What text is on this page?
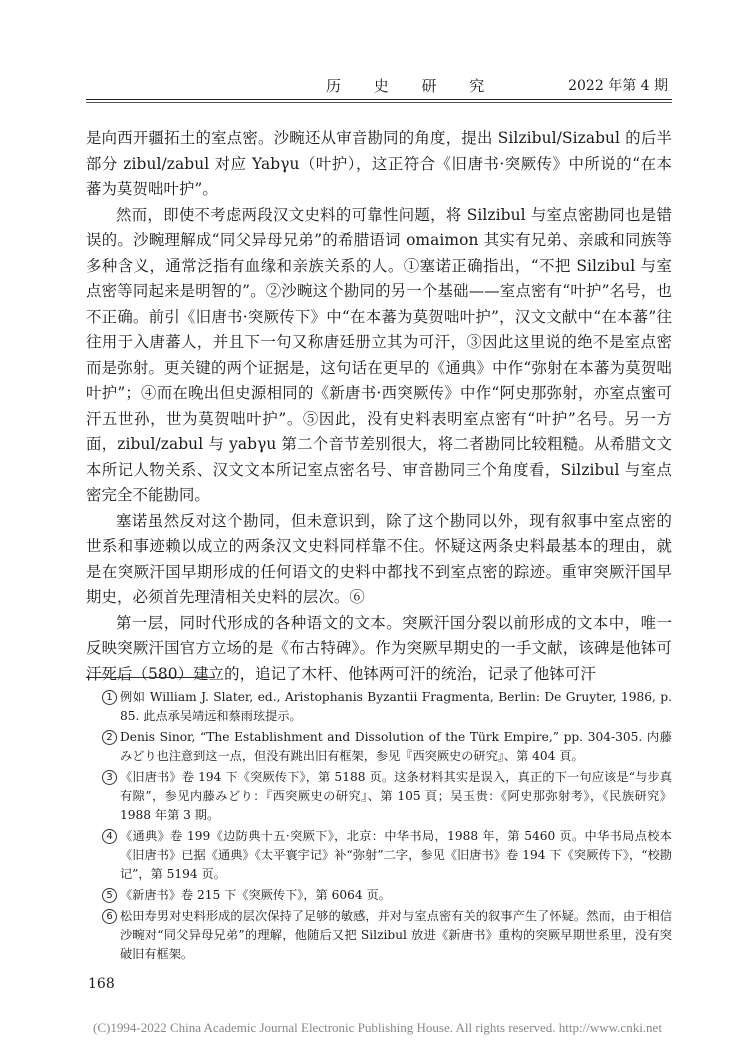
历 史 研 究	2022 年第 4 期

是向西开疆拓土的室点密。沙畹还从审音勘同的角度，提出 Silzibul/Sizabul 的后半部分 zibul/zabul 对应 Yabγu（叶护），这正符合《旧唐书·突厥传》中所说的“在本蕃为莫贺咄叶护”。

然而，即使不考虑两段汉文史料的可靠性问题，将 Silzibul 与室点密勘同也是错误的。沙畹理解成“同父异母兄弟”的希腊语词 omaimon 其实有兄弟、亲戚和同族等多种含义，通常泛指有血缘和亲族关系的人。①塞诺正确指出，“不把 Silzibul 与室点密等同起来是明智的”。②沙畹这个勘同的另一个基础——室点密有“叶护”名号，也不正确。前引《旧唐书·突厥传下》中“在本蕃为莫贺咄叶护”，汉文文献中“在本蕃”往往用于入唐蕃人，并且下一句又称唐廷册立其为可汗，③因此这里说的绝不是室点密而是弥射。更关键的两个证据是，这句话在更早的《通典》中作“弥射在本蕃为莫贺咄叶护”；④而在晚出但史源相同的《新唐书·西突厥传》中作“阿史那弥射，亦室点蜜可汗五世孙，世为莫贺咄叶护”。⑤因此，没有史料表明室点密有“叶护”名号。另一方面，zibul/zabul 与 yabγu 第二个音节差别很大，将二者勘同比较粗糙。从希腊文文本所记人物关系、汉文文本所记室点密名号、审音勘同三个角度看，Silzibul 与室点密完全不能勘同。

塞诺虽然反对这个勘同，但未意识到，除了这个勘同以外，现有叙事中室点密的世系和事迹赖以成立的两条汉文史料同样靠不住。怀疑这两条史料最基本的理由，就是在突厥汗国早期形成的任何语文的史料中都找不到室点密的踪迹。重审突厥汗国早期史，必须首先理清相关史料的层次。⑥

第一层，同时代形成的各种语文的文本。突厥汗国分裂以前形成的文本中，唯一反映突厥汗国官方立场的是《布古特碑》。作为突厥早期史的一手文献，该碑是他钵可汗死后（580）建立的，追记了木杆、他钵两可汗的统治，记录了他钵可汗

1 例如 William J. Slater, ed., Aristophanis Byzantii Fragmenta, Berlin: De Gruyter, 1986, p. 85. 此点承吴靖远和蔡雨玹提示。
2 Denis Sinor, “The Establishment and Dissolution of the Türk Empire,” pp. 304-305. 内藤みどり也注意到这一点，但没有跳出旧有框架，参见『西突厥史の研究』、第 404 頁。
3 《旧唐书》卷 194 下《突厥传下》，第 5188 页。这条材料其实是误入，真正的下一句应该是“与步真有隙”，参见内藤みどり：『西突厥史の研究』、第 105 頁；吴玉贵：《阿史那弥射考》，《民族研究》1988 年第 3 期。
4 《通典》卷 199《边防典十五·突厥下》，北京：中华书局，1988 年，第 5460 页。中华书局点校本《旧唐书》已据《通典》《太平寰宇记》补“弥射”二字，参见《旧唐书》卷 194 下《突厥传下》，“校勘记”，第 5194 页。
5 《新唐书》卷 215 下《突厥传下》，第 6064 页。
6 松田寿男对史料形成的层次保持了足够的敏感，并对与室点密有关的叙事产生了怀疑。然而，由于相信沙畹对“同父异母兄弟”的理解，他随后又把 Silzibul 放进《新唐书》重构的突厥早期世系里，没有突破旧有框架。
168
(C)1994-2022 China Academic Journal Electronic Publishing House. All rights reserved. http://www.cnki.net
